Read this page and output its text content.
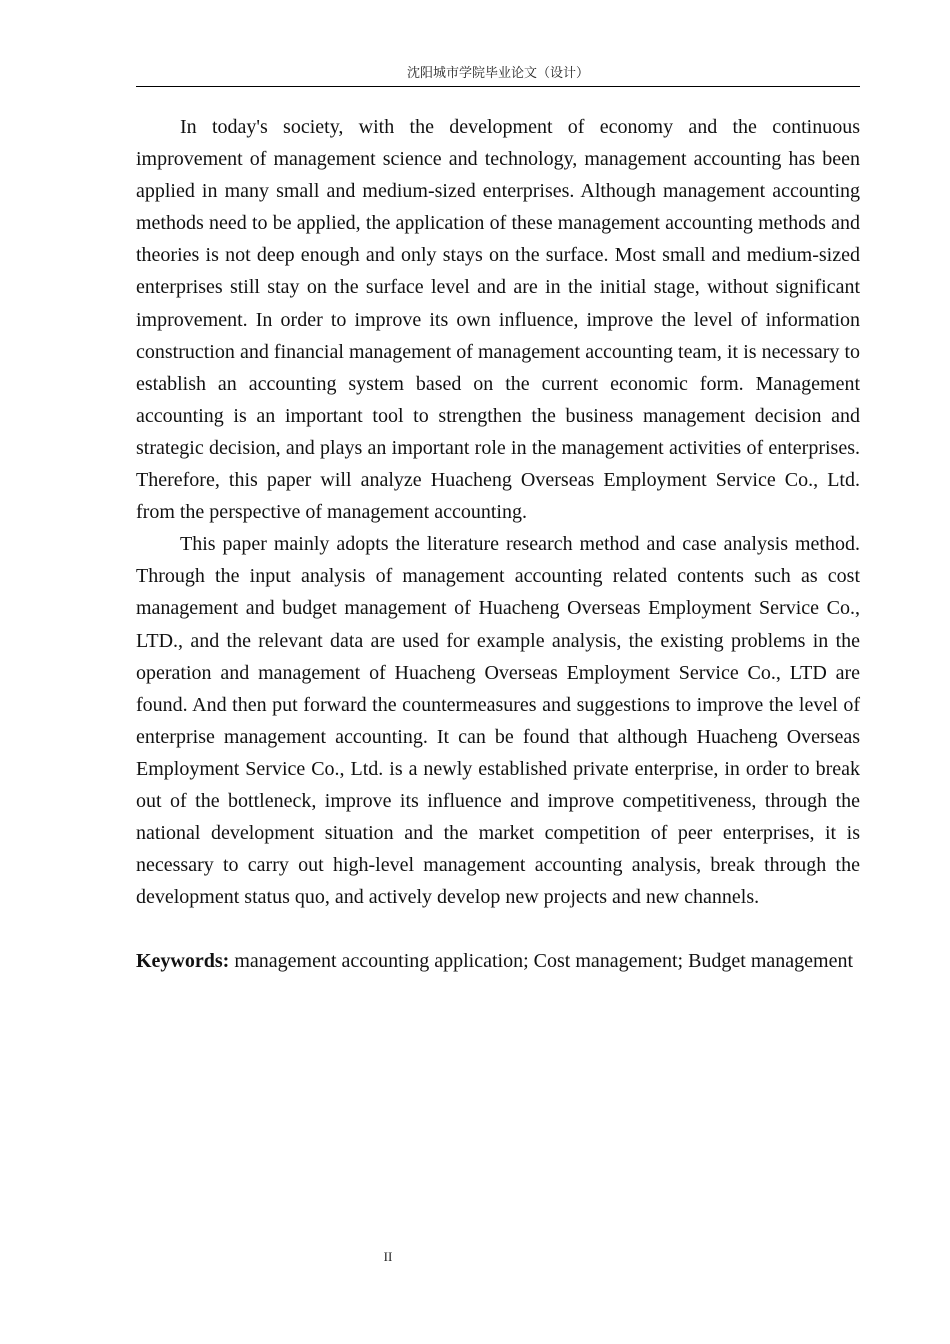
沈阳城市学院毕业论文（设计）

In today's society, with the development of economy and the continuous improvement of management science and technology, management accounting has been applied in many small and medium-sized enterprises. Although management accounting methods need to be applied, the application of these management accounting methods and theories is not deep enough and only stays on the surface. Most small and medium-sized enterprises still stay on the surface level and are in the initial stage, without significant improvement. In order to improve its own influence, improve the level of information construction and financial management of management accounting team, it is necessary to establish an accounting system based on the current economic form. Management accounting is an important tool to strengthen the business management decision and strategic decision, and plays an important role in the management activities of enterprises. Therefore, this paper will analyze Huacheng Overseas Employment Service Co., Ltd. from the perspective of management accounting.

This paper mainly adopts the literature research method and case analysis method. Through the input analysis of management accounting related contents such as cost management and budget management of Huacheng Overseas Employment Service Co., LTD., and the relevant data are used for example analysis, the existing problems in the operation and management of Huacheng Overseas Employment Service Co., LTD are found. And then put forward the countermeasures and suggestions to improve the level of enterprise management accounting. It can be found that although Huacheng Overseas Employment Service Co., Ltd. is a newly established private enterprise, in order to break out of the bottleneck, improve its influence and improve competitiveness, through the national development situation and the market competition of peer enterprises, it is necessary to carry out high-level management accounting analysis, break through the development status quo, and actively develop new projects and new channels.

Keywords: management accounting application; Cost management; Budget management

II
